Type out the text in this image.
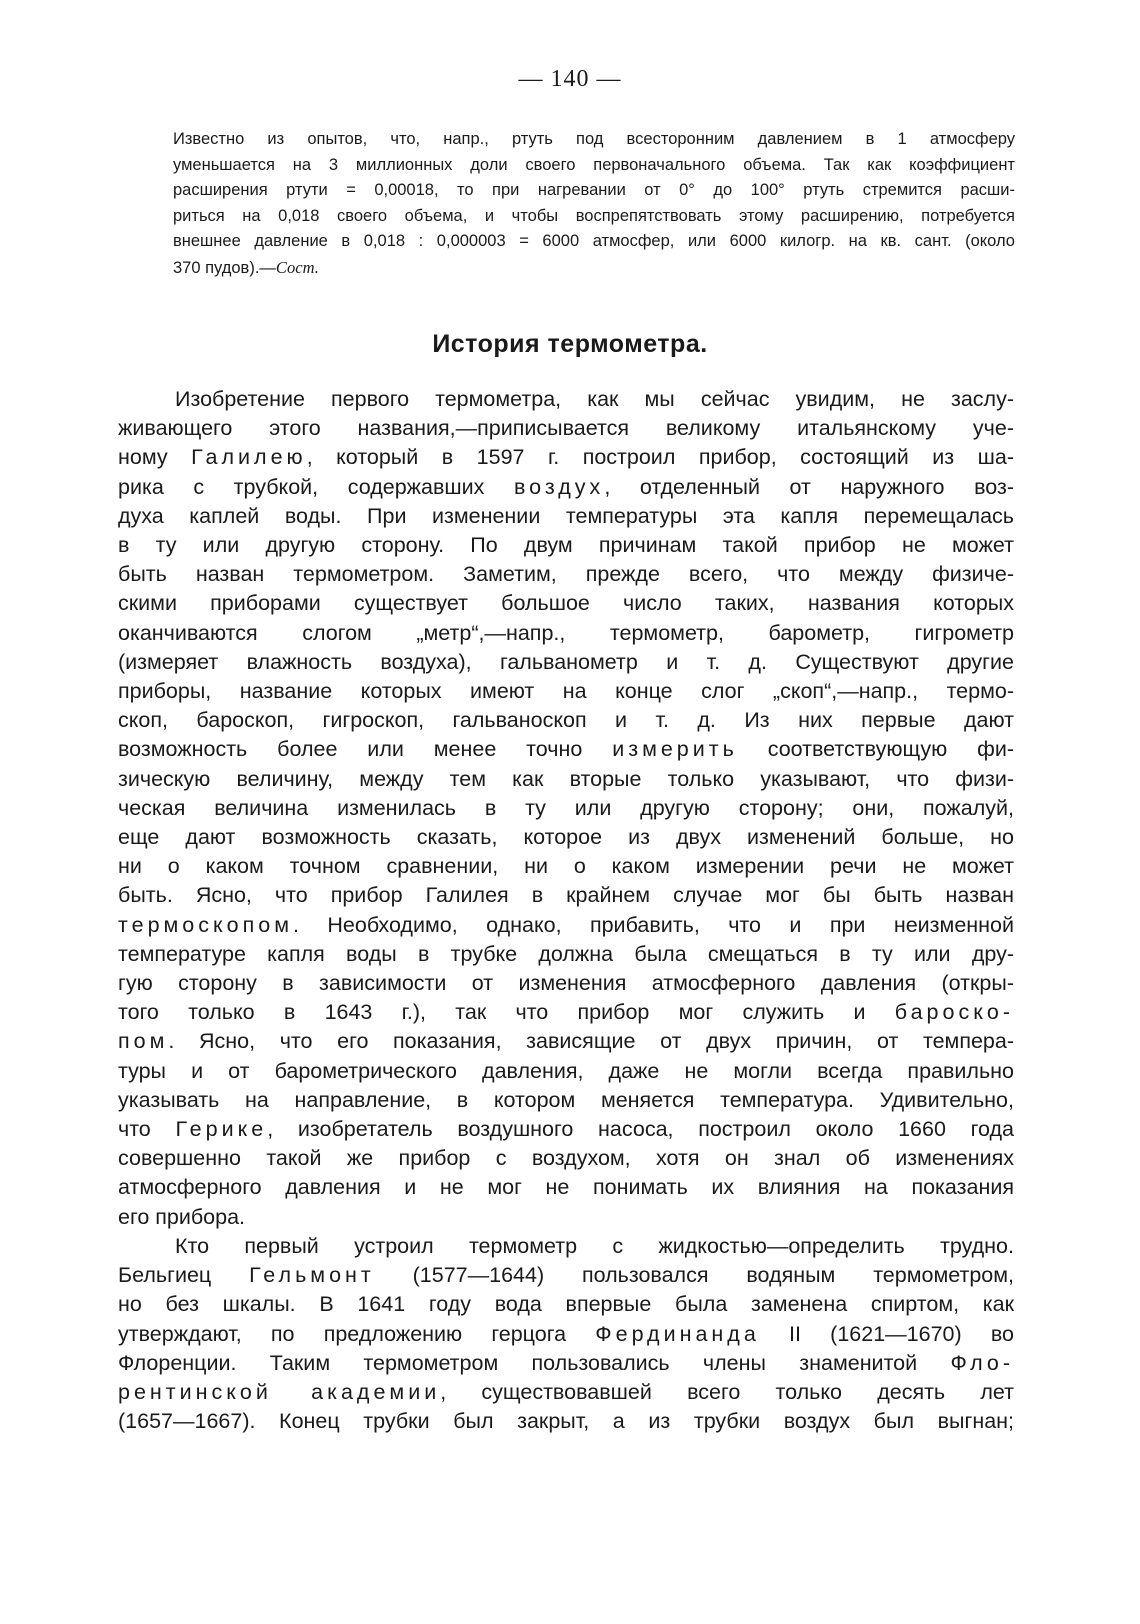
— 140 —
Известно из опытов, что, напр., ртуть под всесторонним давлением в 1 атмосферу
уменьшается на 3 миллионных доли своего первоначального объема. Так как коэффициент
расширения ртути = 0,00018, то при нагревании от 0° до 100° ртуть стремится расши-
риться на 0,018 своего объема, и чтобы воспрепятствовать этому расширению, потребуется
внешнее давление в 0,018 : 0,000003 = 6000 атмосфер, или 6000 килогр. на кв. сант. (около
370 пудов).—Сост.
История термометра.
Изобретение первого термометра, как мы сейчас увидим, не заслу-
живающего этого названия,—приписывается великому итальянскому уче-
ному Галилею, который в 1597 г. построил прибор, состоящий из ша-
рика с трубкой, содержавших воздух, отделенный от наружного воз-
духа каплей воды. При изменении температуры эта капля перемещалась
в ту или другую сторону. По двум причинам такой прибор не может
быть назван термометром. Заметим, прежде всего, что между физиче-
скими приборами существует большое число таких, названия которых
оканчиваются слогом „метр“,—напр., термометр, барометр, гигрометр
(измеряет влажность воздуха), гальванометр и т. д. Существуют другие
приборы, название которых имеют на конце слог „скоп“,—напр., термо-
скоп, бароскоп, гигроскоп, гальваноскоп и т. д. Из них первые дают
возможность более или менее точно измерить соответствующую фи-
зическую величину, между тем как вторые только указывают, что физи-
ческая величина изменилась в ту или другую сторону; они, пожалуй,
еще дают возможность сказать, которое из двух изменений больше, но
ни о каком точном сравнении, ни о каком измерении речи не может
быть. Ясно, что прибор Галилея в крайнем случае мог бы быть назван
термоскопом. Необходимо, однако, прибавить, что и при неизменной
температуре капля воды в трубке должна была смещаться в ту или дру-
гую сторону в зависимости от изменения атмосферного давления (откры-
того только в 1643 г.), так что прибор мог служить и бароско-
пом. Ясно, что его показания, зависящие от двух причин, от темпера-
туры и от барометрического давления, даже не могли всегда правильно
указывать на направление, в котором меняется температура. Удивительно,
что Герике, изобретатель воздушного насоса, построил около 1660 года
совершенно такой же прибор с воздухом, хотя он знал об изменениях
атмосферного давления и не мог не понимать их влияния на показания
его прибора.
Кто первый устроил термометр с жидкостью—определить трудно.
Бельгиец Гельмонт (1577—1644) пользовался водяным термометром,
но без шкалы. В 1641 году вода впервые была заменена спиртом, как
утверждают, по предложению герцога Фердинанда II (1621—1670) во
Флоренции. Таким термометром пользовались члены знаменитой Фло-
рентинской академии, существовавшей всего только десять лет
(1657—1667). Конец трубки был закрыт, а из трубки воздух был выгнан;
